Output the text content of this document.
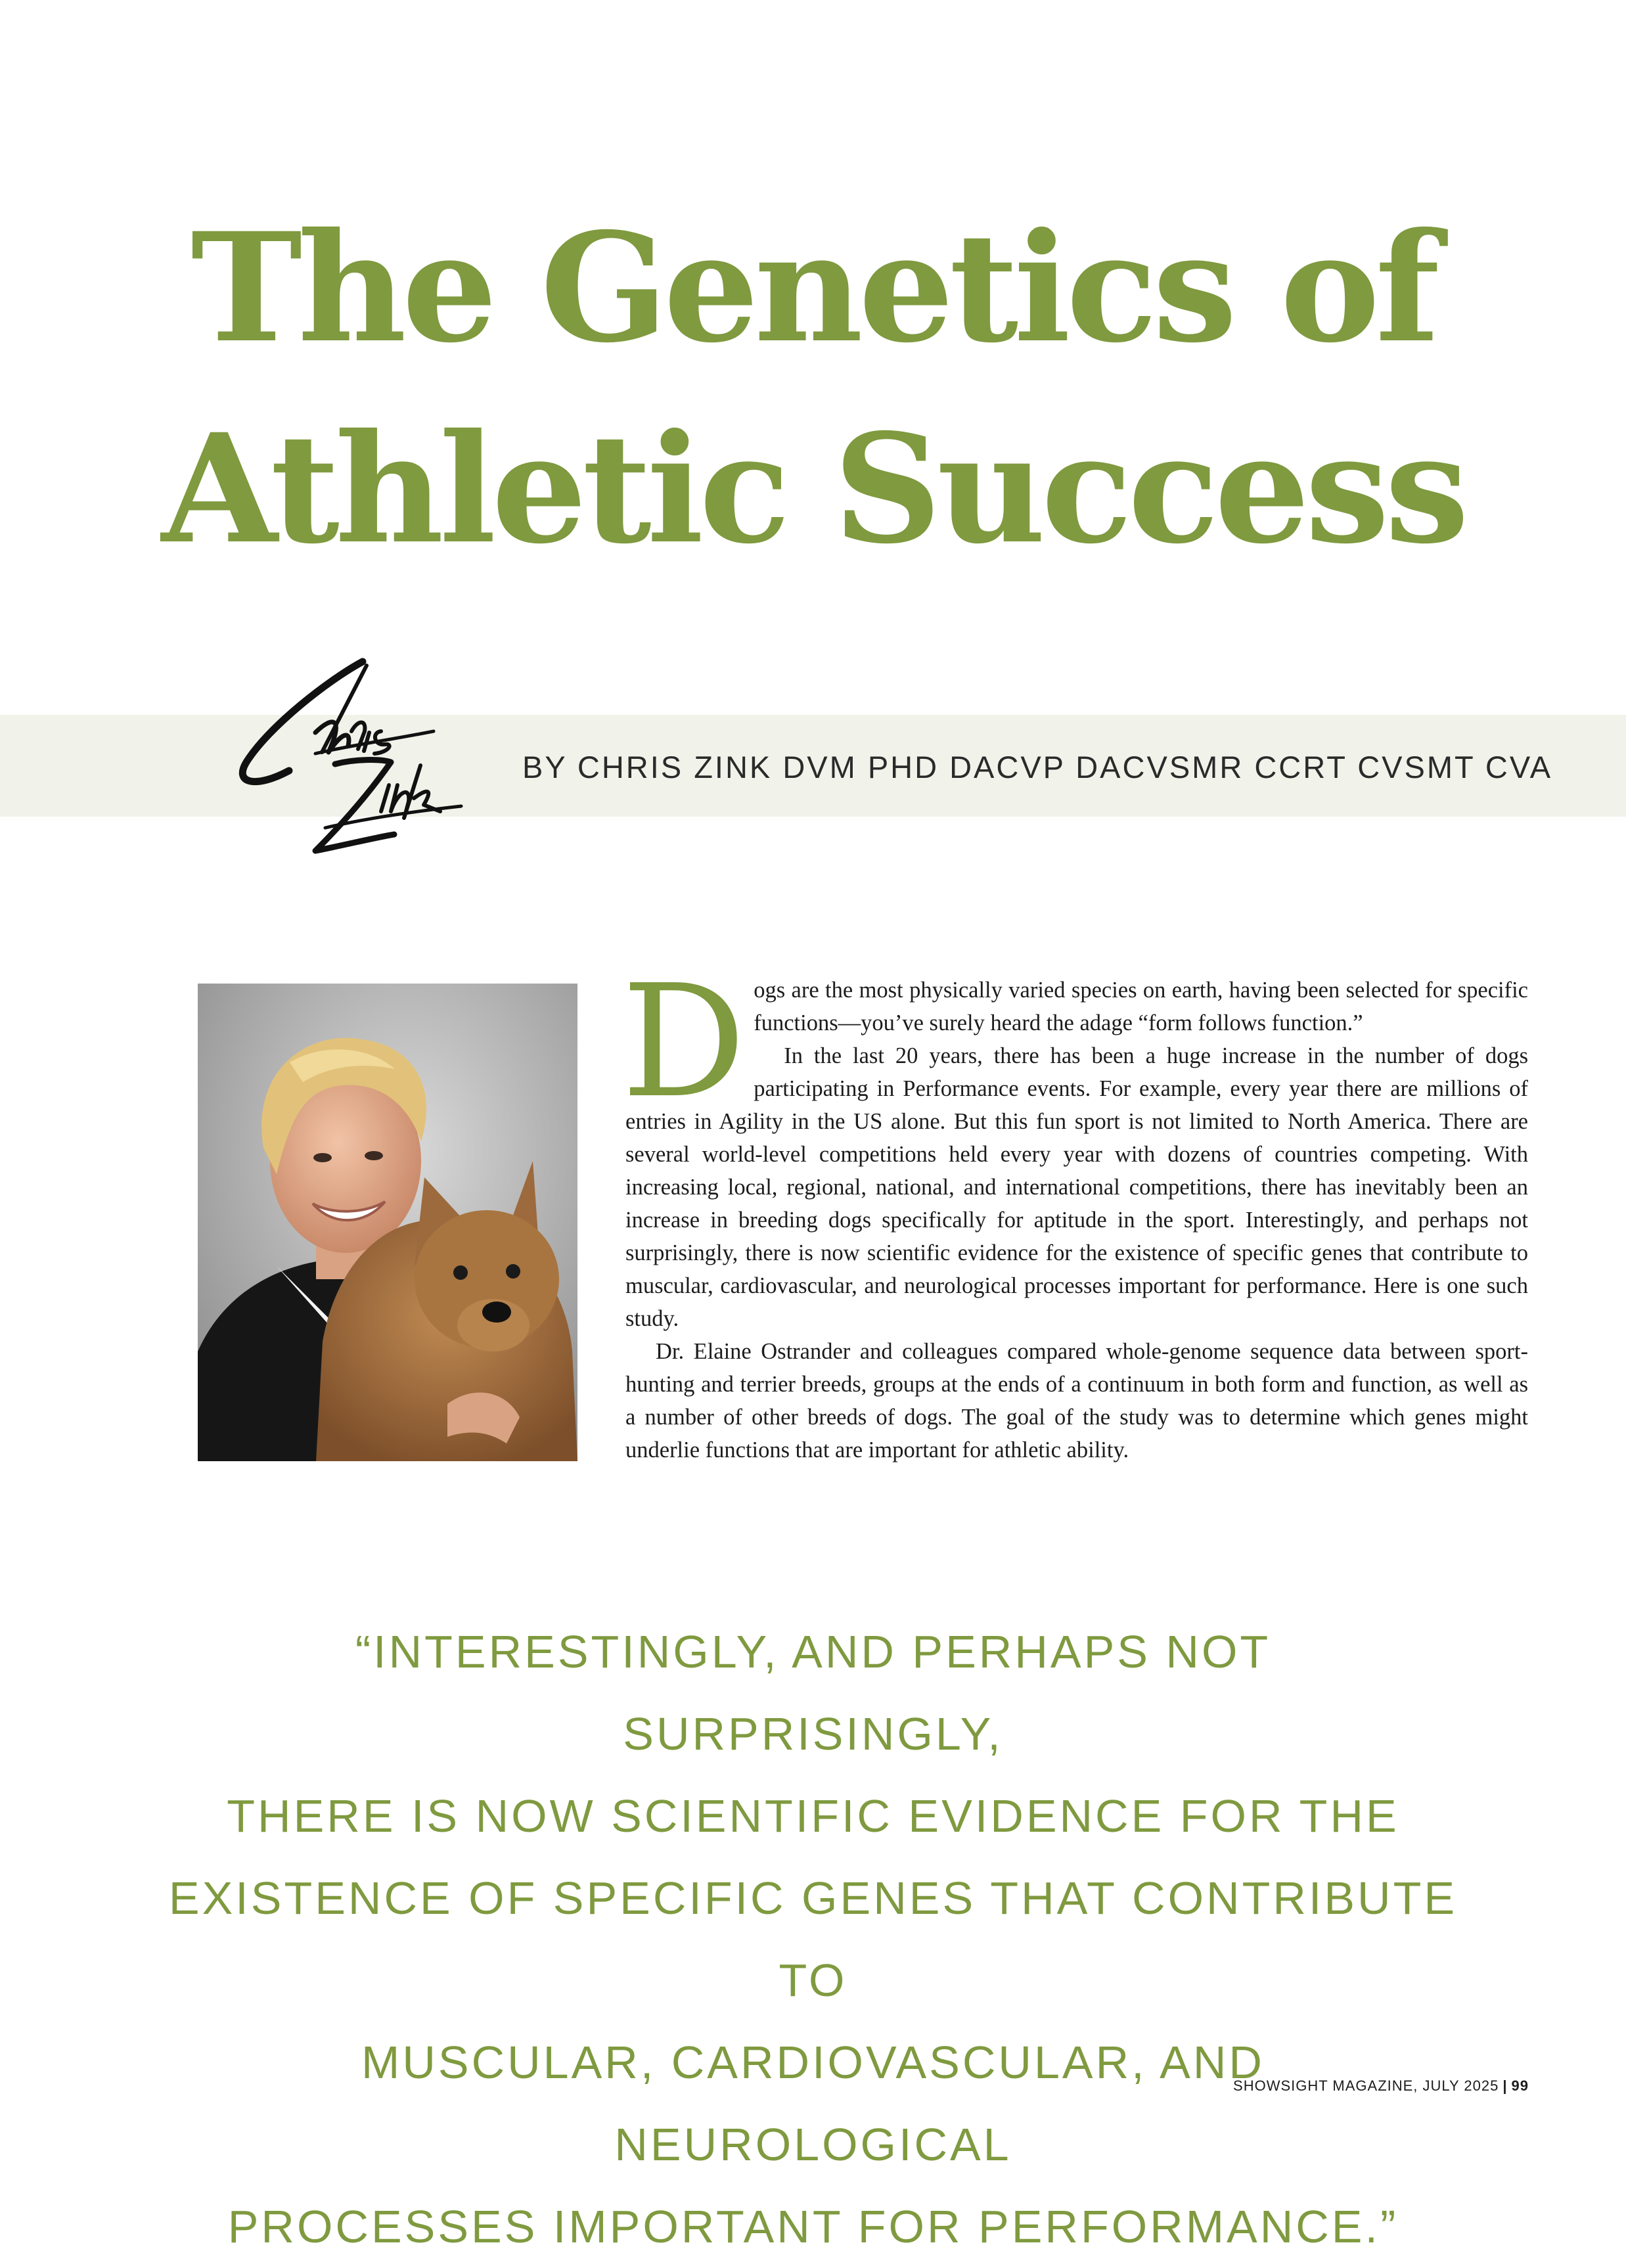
The Genetics of
Athletic Success
BY CHRIS ZINK DVM PHD DACVP DACVSMR CCRT CVSMT CVA

Dogs are the most physically varied species on earth, having been selected for specific functions—you’ve surely heard the adage “form follows function.”

In the last 20 years, there has been a huge increase in the number of dogs participating in Performance events. For example, every year there are millions of entries in Agility in the US alone. But this fun sport is not limited to North America. There are several world-level competitions held every year with dozens of countries competing. With increasing local, regional, national, and international competitions, there has inevitably been an increase in breeding dogs specifically for aptitude in the sport. Interestingly, and perhaps not surprisingly, there is now scientific evidence for the existence of specific genes that contribute to muscular, cardiovascular, and neurological processes important for performance. Here is one such study.

Dr. Elaine Ostrander and colleagues compared whole-genome sequence data between sport-hunting and terrier breeds, groups at the ends of a continuum in both form and function, as well as a number of other breeds of dogs. The goal of the study was to determine which genes might underlie functions that are important for athletic ability.

“INTERESTINGLY, AND PERHAPS NOT SURPRISINGLY,
THERE IS NOW SCIENTIFIC EVIDENCE FOR THE
EXISTENCE OF SPECIFIC GENES THAT CONTRIBUTE TO
MUSCULAR, CARDIOVASCULAR, AND NEUROLOGICAL
PROCESSES IMPORTANT FOR PERFORMANCE.”
SHOWSIGHT MAGAZINE, JULY 2025 | 99
